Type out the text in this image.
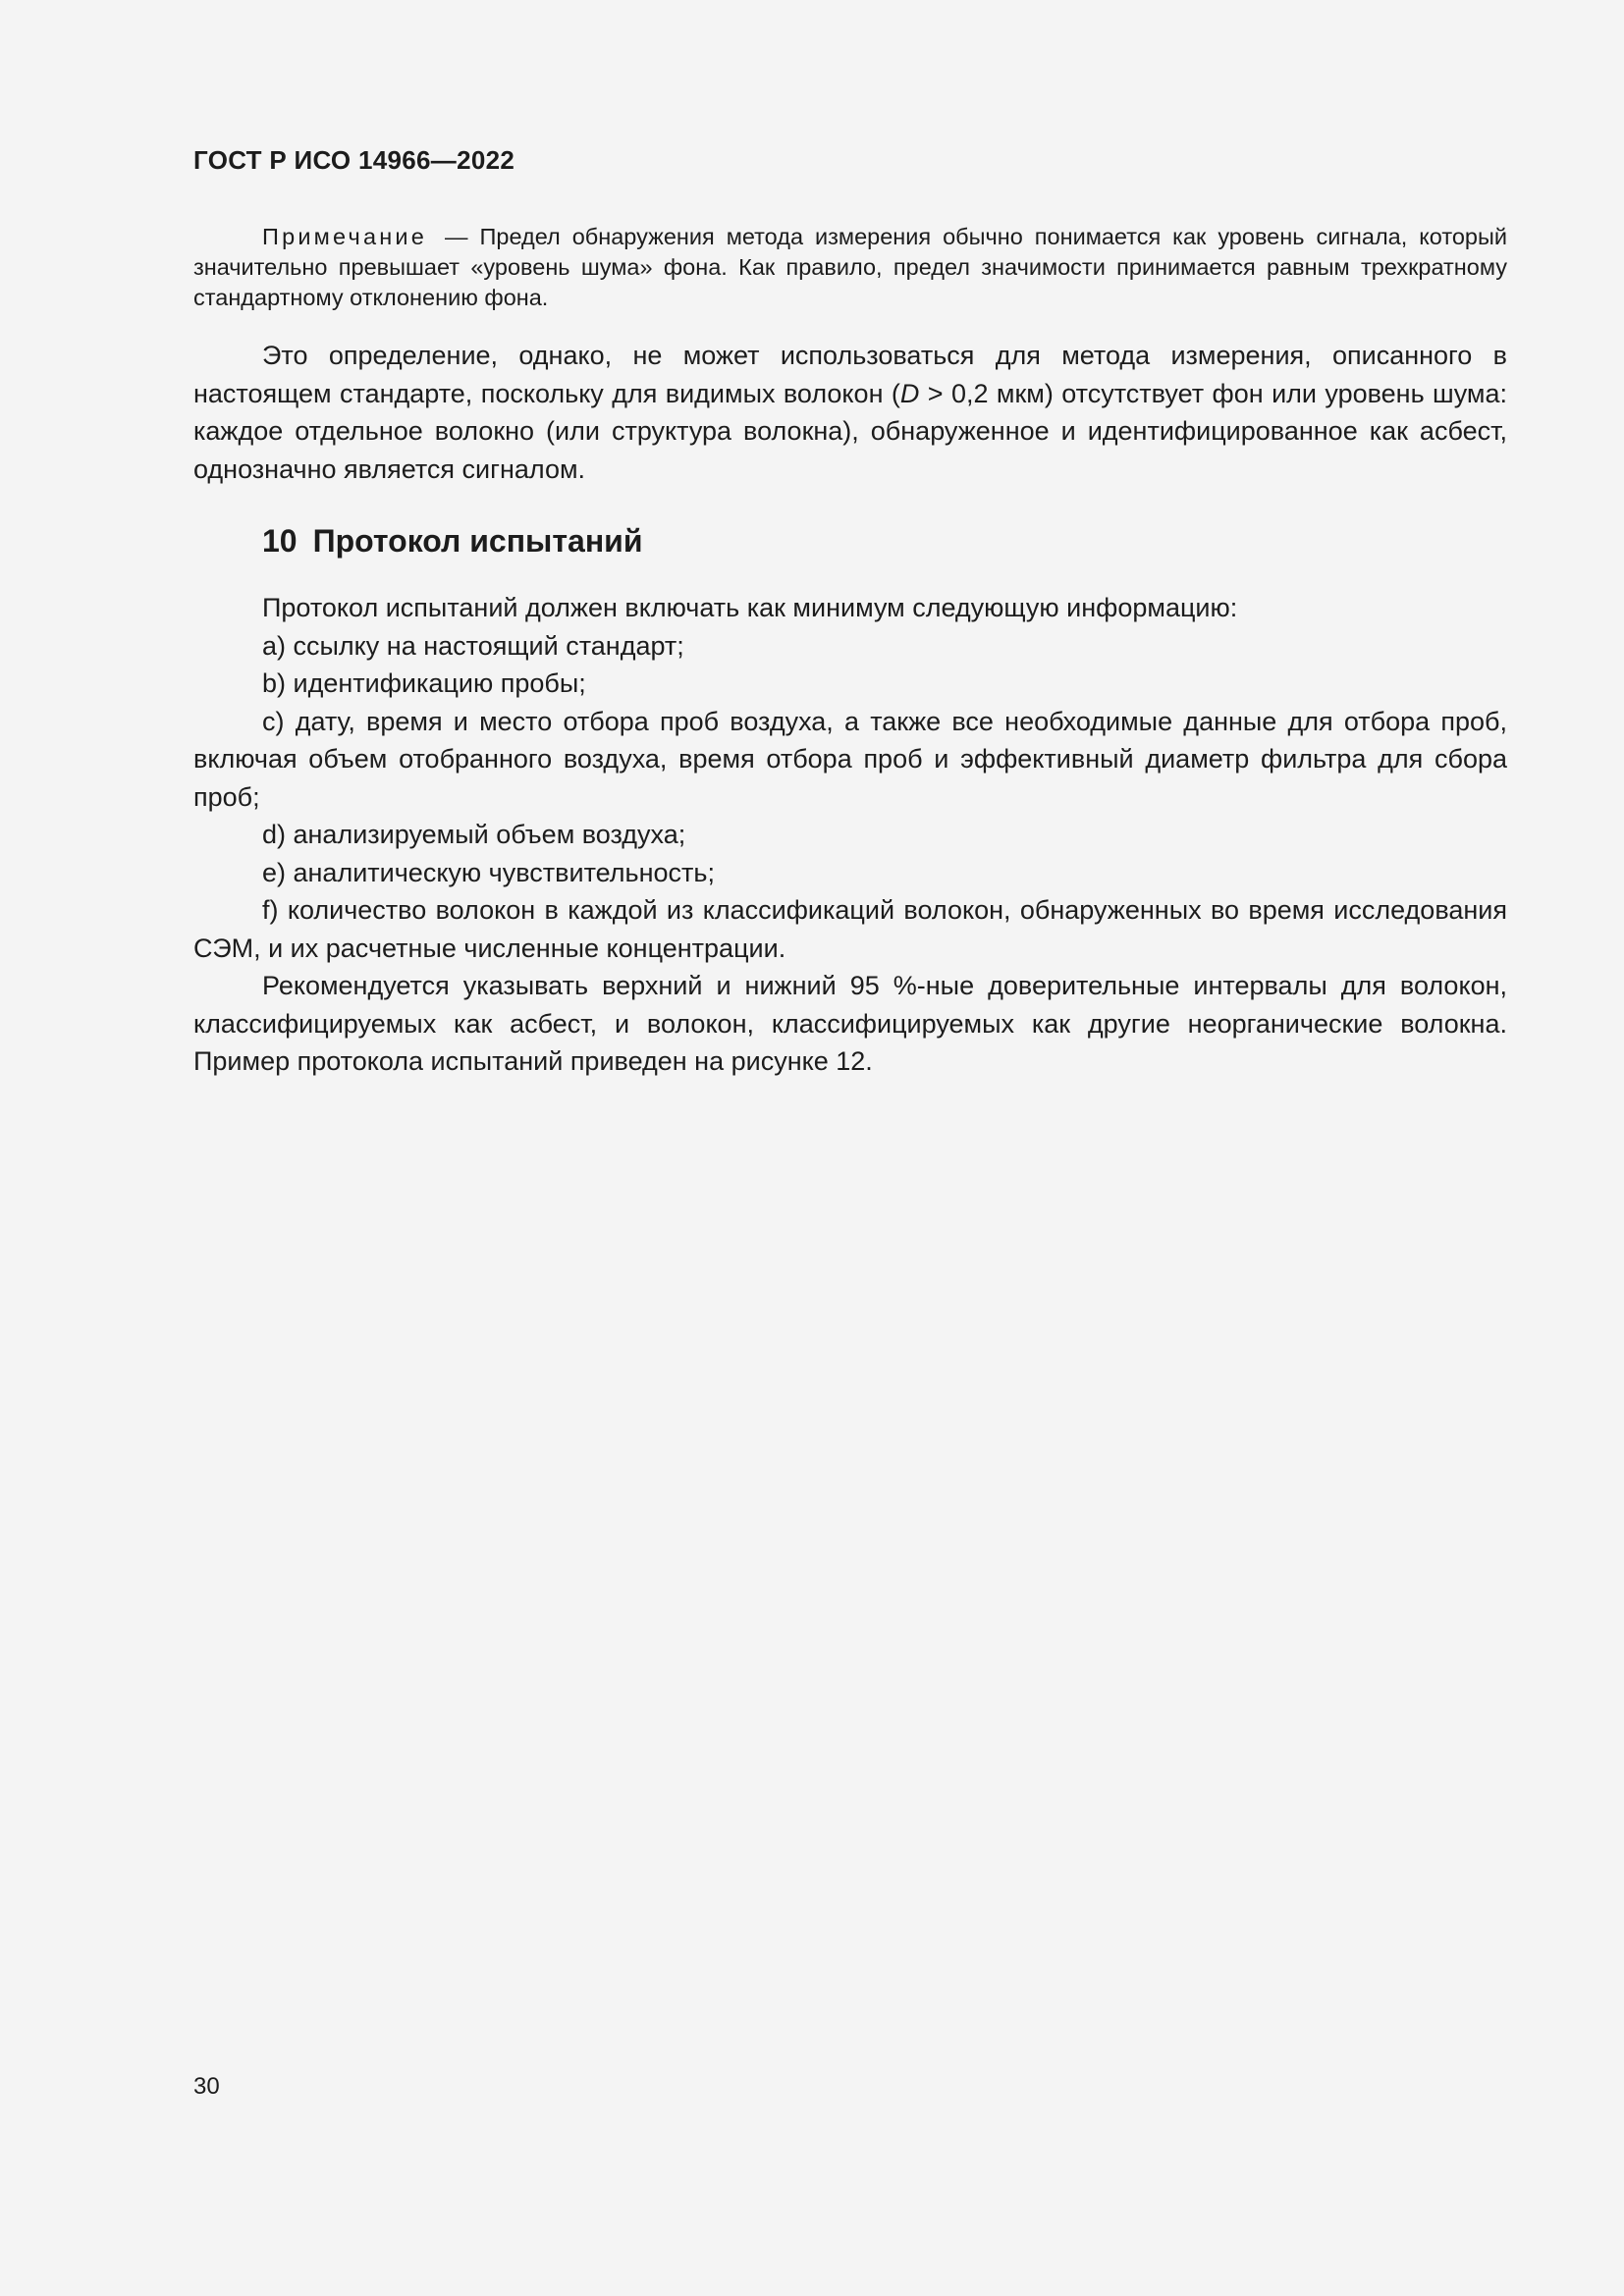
ГОСТ Р ИСО 14966—2022

Примечание — Предел обнаружения метода измерения обычно понимается как уровень сигнала, который значительно превышает «уровень шума» фона. Как правило, предел значимости принимается равным трехкратному стандартному отклонению фона.

Это определение, однако, не может использоваться для метода измерения, описанного в настоящем стандарте, поскольку для видимых волокон (D > 0,2 мкм) отсутствует фон или уровень шума: каждое отдельное волокно (или структура волокна), обнаруженное и идентифицированное как асбест, однозначно является сигналом.

10 Протокол испытаний

Протокол испытаний должен включать как минимум следующую информацию:

a) ссылку на настоящий стандарт;

b) идентификацию пробы;

c) дату, время и место отбора проб воздуха, а также все необходимые данные для отбора проб, включая объем отобранного воздуха, время отбора проб и эффективный диаметр фильтра для сбора проб;

d) анализируемый объем воздуха;

e) аналитическую чувствительность;

f) количество волокон в каждой из классификаций волокон, обнаруженных во время исследования СЭМ, и их расчетные численные концентрации.

Рекомендуется указывать верхний и нижний 95 %-ные доверительные интервалы для волокон, классифицируемых как асбест, и волокон, классифицируемых как другие неорганические волокна. Пример протокола испытаний приведен на рисунке 12.

30
